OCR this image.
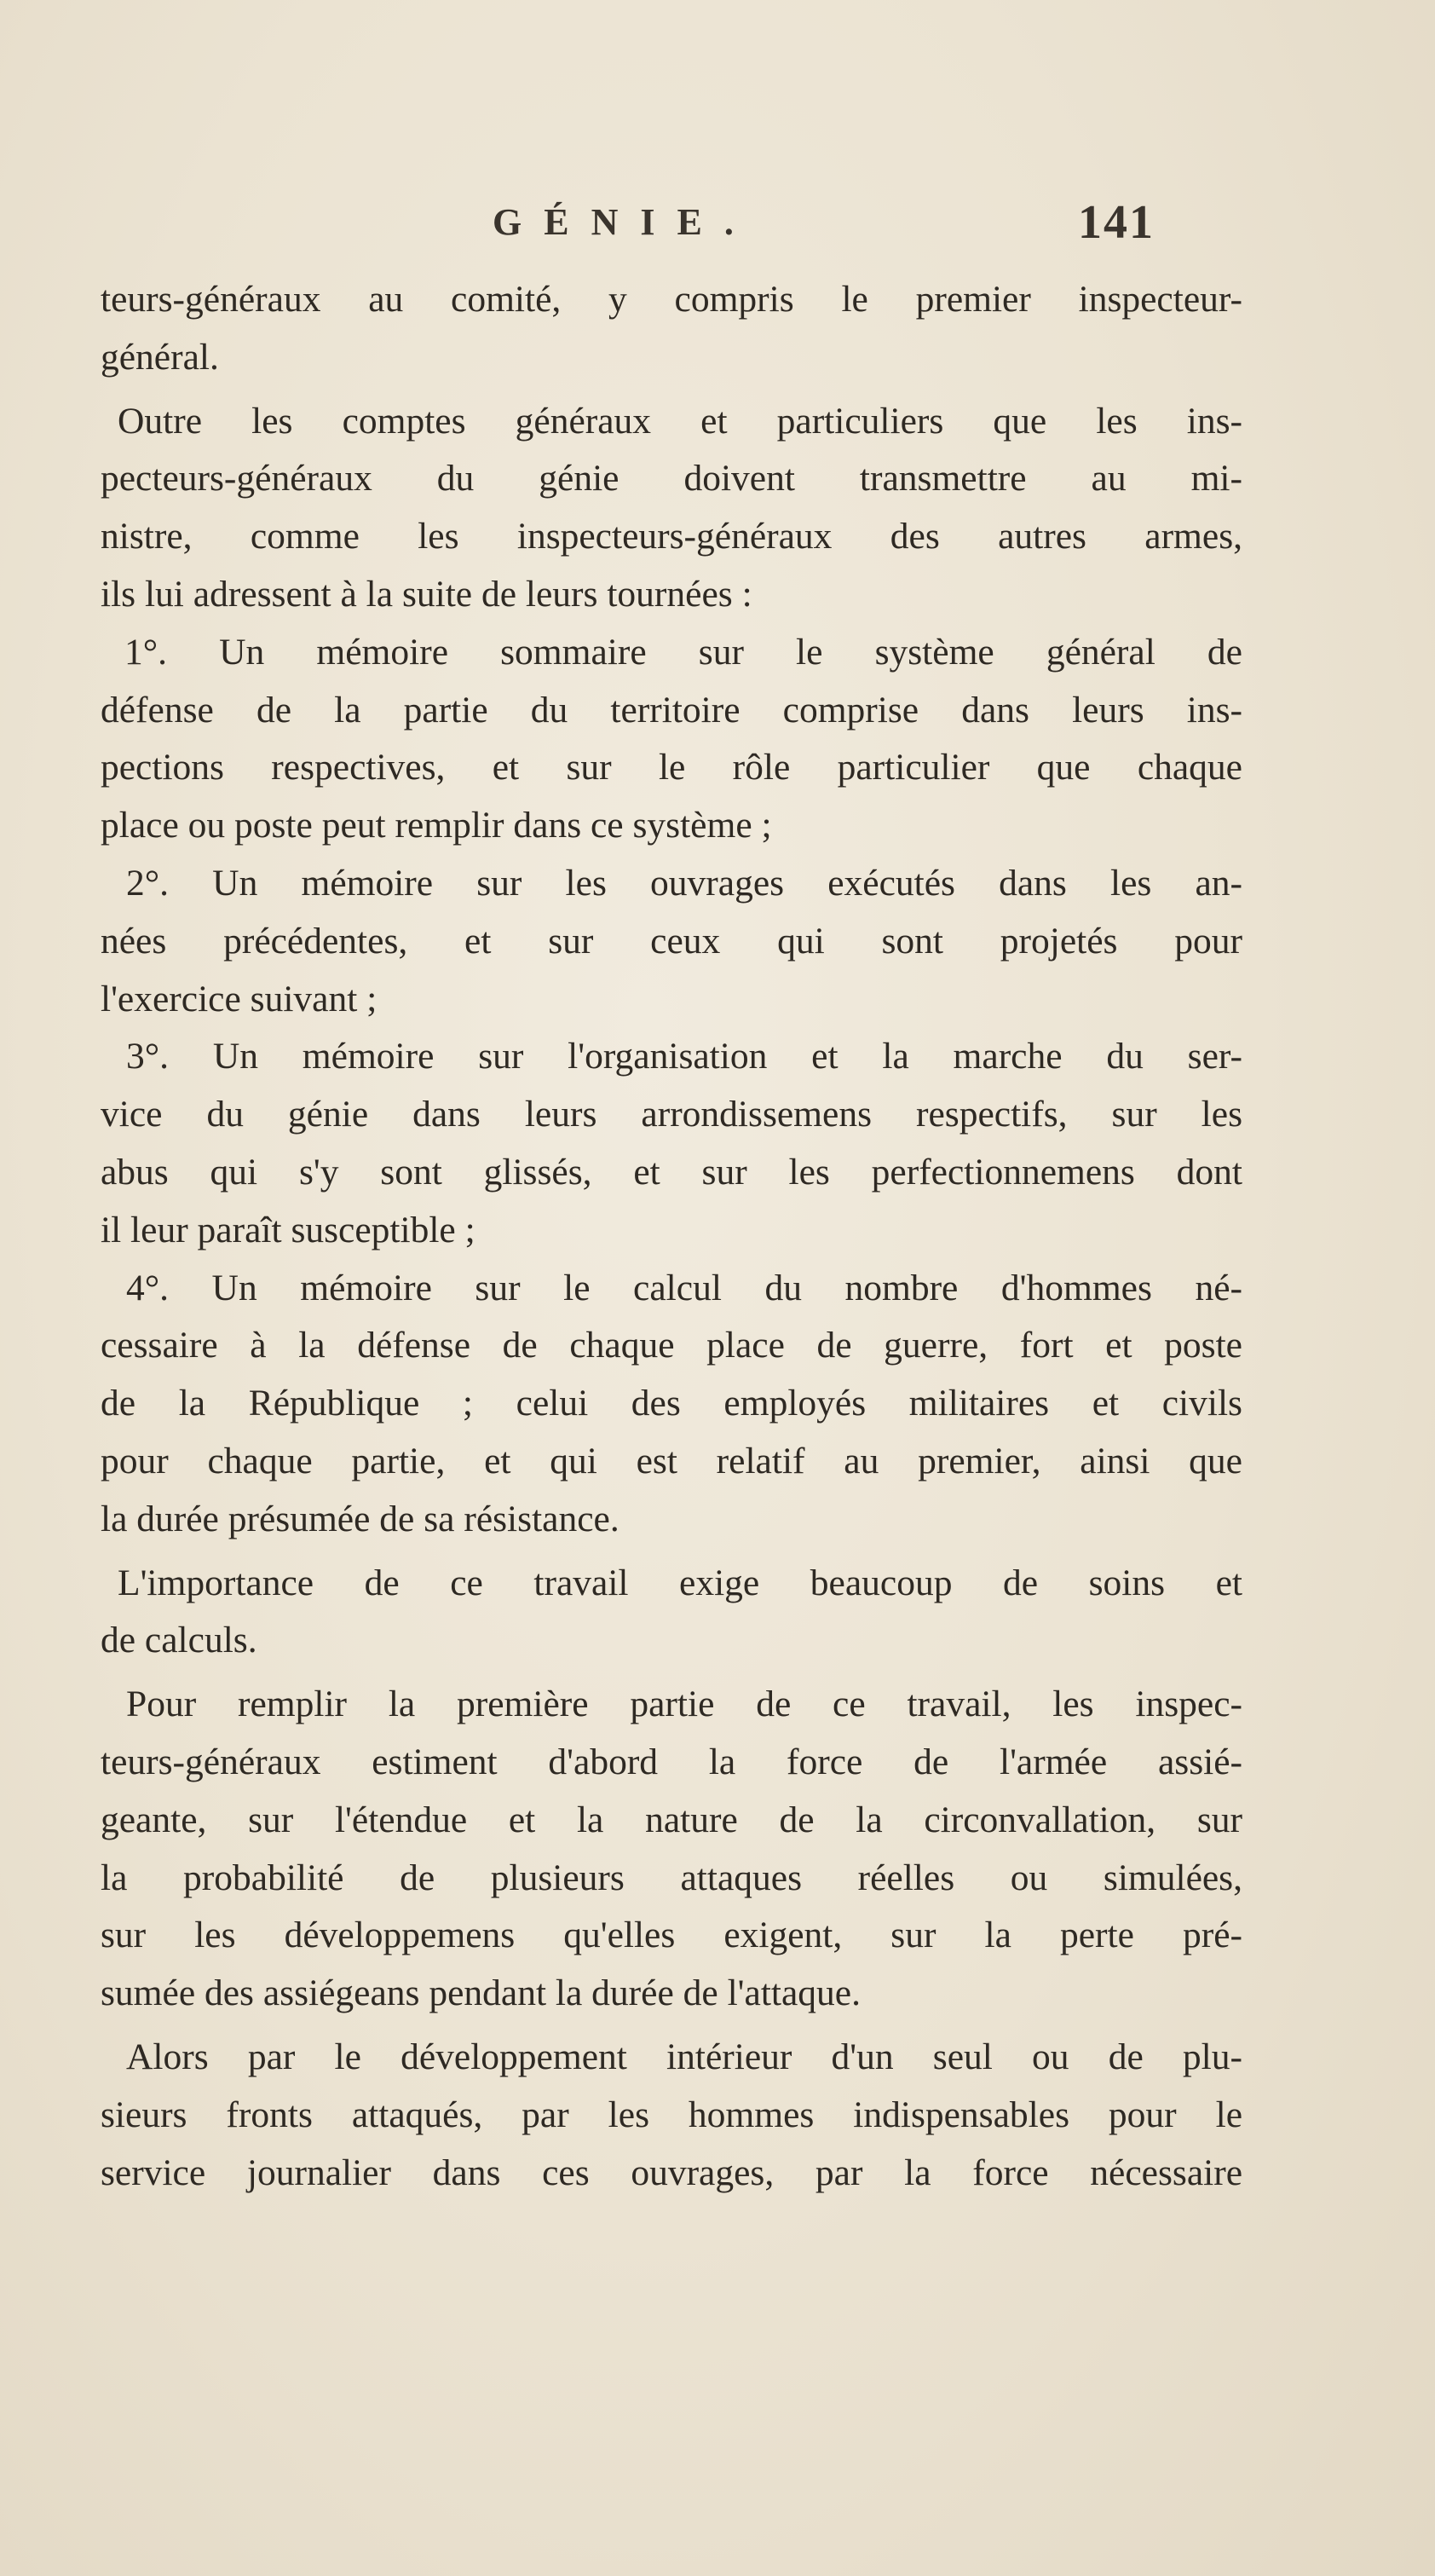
GÉNIE.	141
teurs-généraux au comité, y compris le premier inspecteur-
général.
Outre les comptes généraux et particuliers que les ins-
pecteurs-généraux du génie doivent transmettre au mi-
nistre, comme les inspecteurs-généraux des autres armes,
ils lui adressent à la suite de leurs tournées :
1°. Un mémoire sommaire sur le système général de
défense de la partie du territoire comprise dans leurs ins-
pections respectives, et sur le rôle particulier que chaque
place ou poste peut remplir dans ce système ;
2°. Un mémoire sur les ouvrages exécutés dans les an-
nées précédentes, et sur ceux qui sont projetés pour
l'exercice suivant ;
3°. Un mémoire sur l'organisation et la marche du ser-
vice du génie dans leurs arrondissemens respectifs, sur les
abus qui s'y sont glissés, et sur les perfectionnemens dont
il leur paraît susceptible ;
4°. Un mémoire sur le calcul du nombre d'hommes né-
cessaire à la défense de chaque place de guerre, fort et poste
de la République ; celui des employés militaires et civils
pour chaque partie, et qui est relatif au premier, ainsi que
la durée présumée de sa résistance.
L'importance de ce travail exige beaucoup de soins et
de calculs.
Pour remplir la première partie de ce travail, les inspec-
teurs-généraux estiment d'abord la force de l'armée assié-
geante, sur l'étendue et la nature de la circonvallation, sur
la probabilité de plusieurs attaques réelles ou simulées,
sur les développemens qu'elles exigent, sur la perte pré-
sumée des assiégeans pendant la durée de l'attaque.
Alors par le développement intérieur d'un seul ou de plu-
sieurs fronts attaqués, par les hommes indispensables pour le
service journalier dans ces ouvrages, par la force nécessaire
